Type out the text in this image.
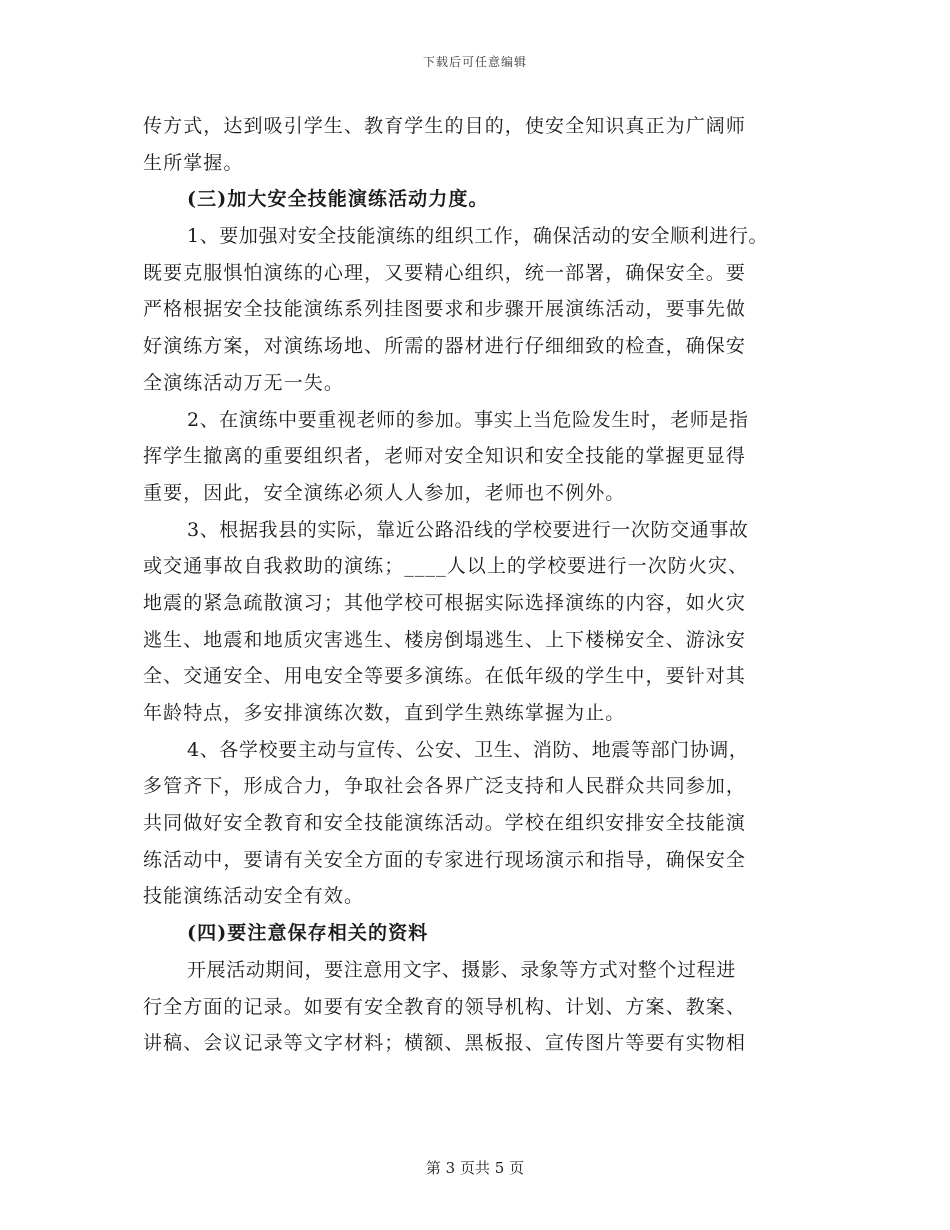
下载后可任意编辑
传方式，达到吸引学生、教育学生的目的，使安全知识真正为广阔师
生所掌握。
(三)加大安全技能演练活动力度。
1、要加强对安全技能演练的组织工作，确保活动的安全顺利进行。
既要克服惧怕演练的心理，又要精心组织，统一部署，确保安全。要
严格根据安全技能演练系列挂图要求和步骤开展演练活动，要事先做
好演练方案，对演练场地、所需的器材进行仔细细致的检查，确保安
全演练活动万无一失。
2、在演练中要重视老师的参加。事实上当危险发生时，老师是指
挥学生撤离的重要组织者，老师对安全知识和安全技能的掌握更显得
重要，因此，安全演练必须人人参加，老师也不例外。
3、根据我县的实际，靠近公路沿线的学校要进行一次防交通事故
或交通事故自我救助的演练；____人以上的学校要进行一次防火灾、
地震的紧急疏散演习；其他学校可根据实际选择演练的内容，如火灾
逃生、地震和地质灾害逃生、楼房倒塌逃生、上下楼梯安全、游泳安
全、交通安全、用电安全等要多演练。在低年级的学生中，要针对其
年龄特点，多安排演练次数，直到学生熟练掌握为止。
4、各学校要主动与宣传、公安、卫生、消防、地震等部门协调，
多管齐下，形成合力，争取社会各界广泛支持和人民群众共同参加，
共同做好安全教育和安全技能演练活动。学校在组织安排安全技能演
练活动中，要请有关安全方面的专家进行现场演示和指导，确保安全
技能演练活动安全有效。
(四)要注意保存相关的资料
开展活动期间，要注意用文字、摄影、录象等方式对整个过程进
行全方面的记录。如要有安全教育的领导机构、计划、方案、教案、
讲稿、会议记录等文字材料；横额、黑板报、宣传图片等要有实物相
第 3 页共 5 页
